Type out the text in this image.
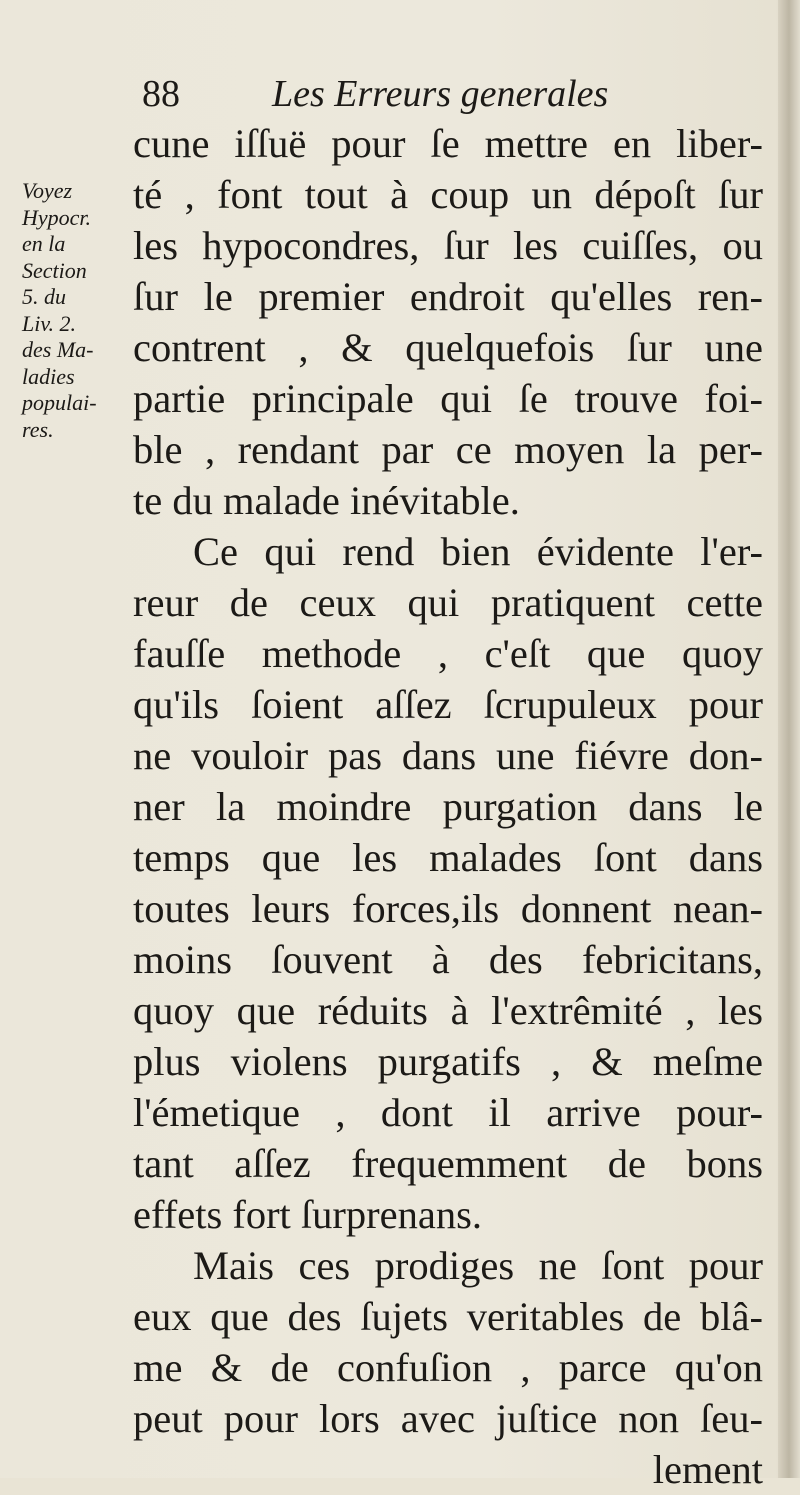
88 Les Erreurs generales
Voyez
Hypocr.
en la
Section
5. du
Liv. 2.
des Ma-
ladies
populai-
res.
cune iſſuë pour ſe mettre en liber-
té , font tout à coup un dépoſt ſur
les hypocondres, ſur les cuiſſes, ou
ſur le premier endroit qu'elles ren-
contrent , & quelquefois ſur une
partie principale qui ſe trouve foi-
ble , rendant par ce moyen la per-
te du malade inévitable.
Ce qui rend bien évidente l'er-
reur de ceux qui pratiquent cette
fauſſe methode , c'eſt que quoy
qu'ils ſoient aſſez ſcrupuleux pour
ne vouloir pas dans une fiévre don-
ner la moindre purgation dans le
temps que les malades ſont dans
toutes leurs forces,ils donnent nean-
moins ſouvent à des febricitans,
quoy que réduits à l'extrêmité , les
plus violens purgatifs , & meſme
l'émetique , dont il arrive pour-
tant aſſez frequemment de bons
effets fort ſurprenans.
Mais ces prodiges ne ſont pour
eux que des ſujets veritables de blâ-
me & de confuſion , parce qu'on
peut pour lors avec juſtice non ſeu-
lement
